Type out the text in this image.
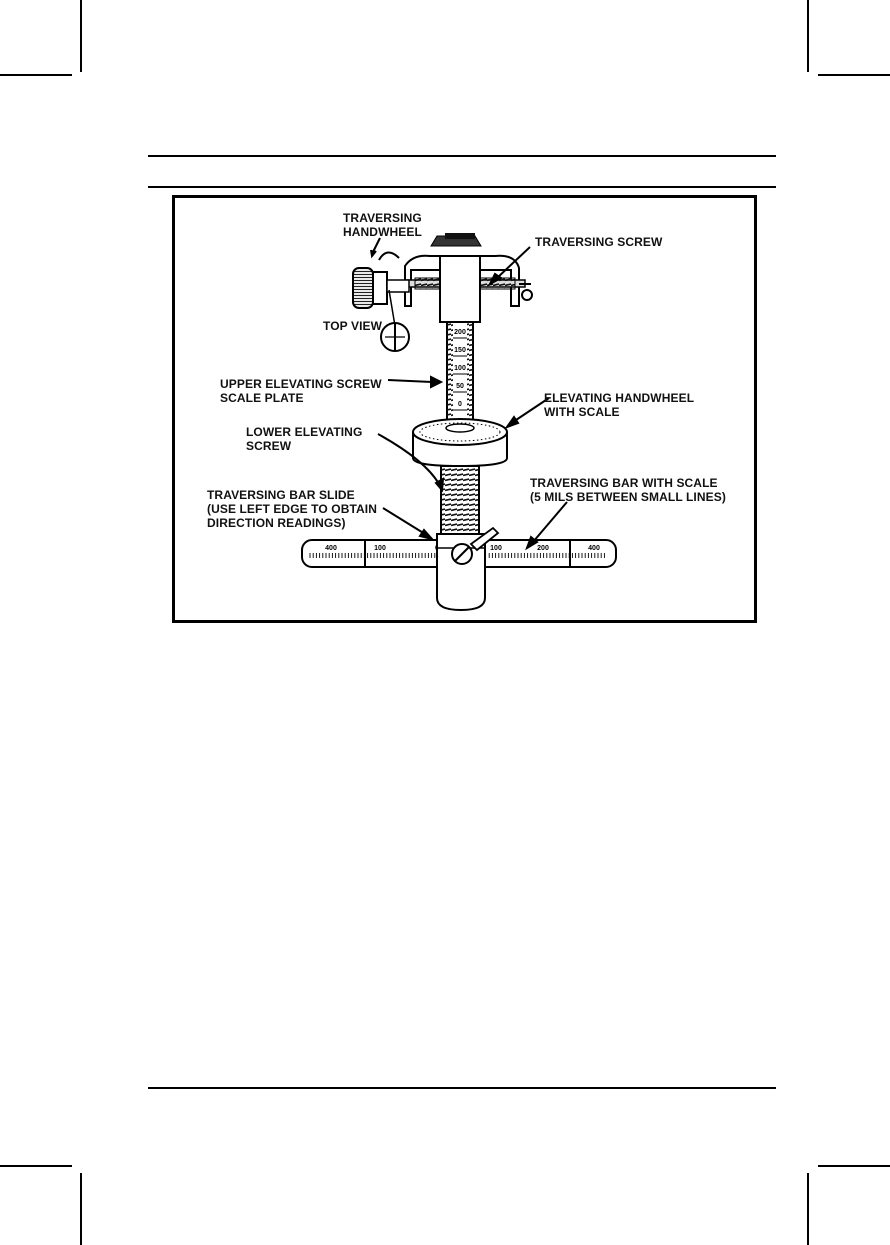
200
150
100
50
0
400	100	100	200	400
TRAVERSING
HANDWHEEL
TRAVERSING SCREW
TOP VIEW
UPPER ELEVATING SCREW
SCALE PLATE	ELEVATING HANDWHEEL
WITH SCALE
LOWER ELEVATING
SCREW
TRAVERSING BAR SLIDE
(USE LEFT EDGE TO OBTAIN
DIRECTION READINGS)
TRAVERSING BAR WITH SCALE
(5 MILS BETWEEN SMALL LINES)
